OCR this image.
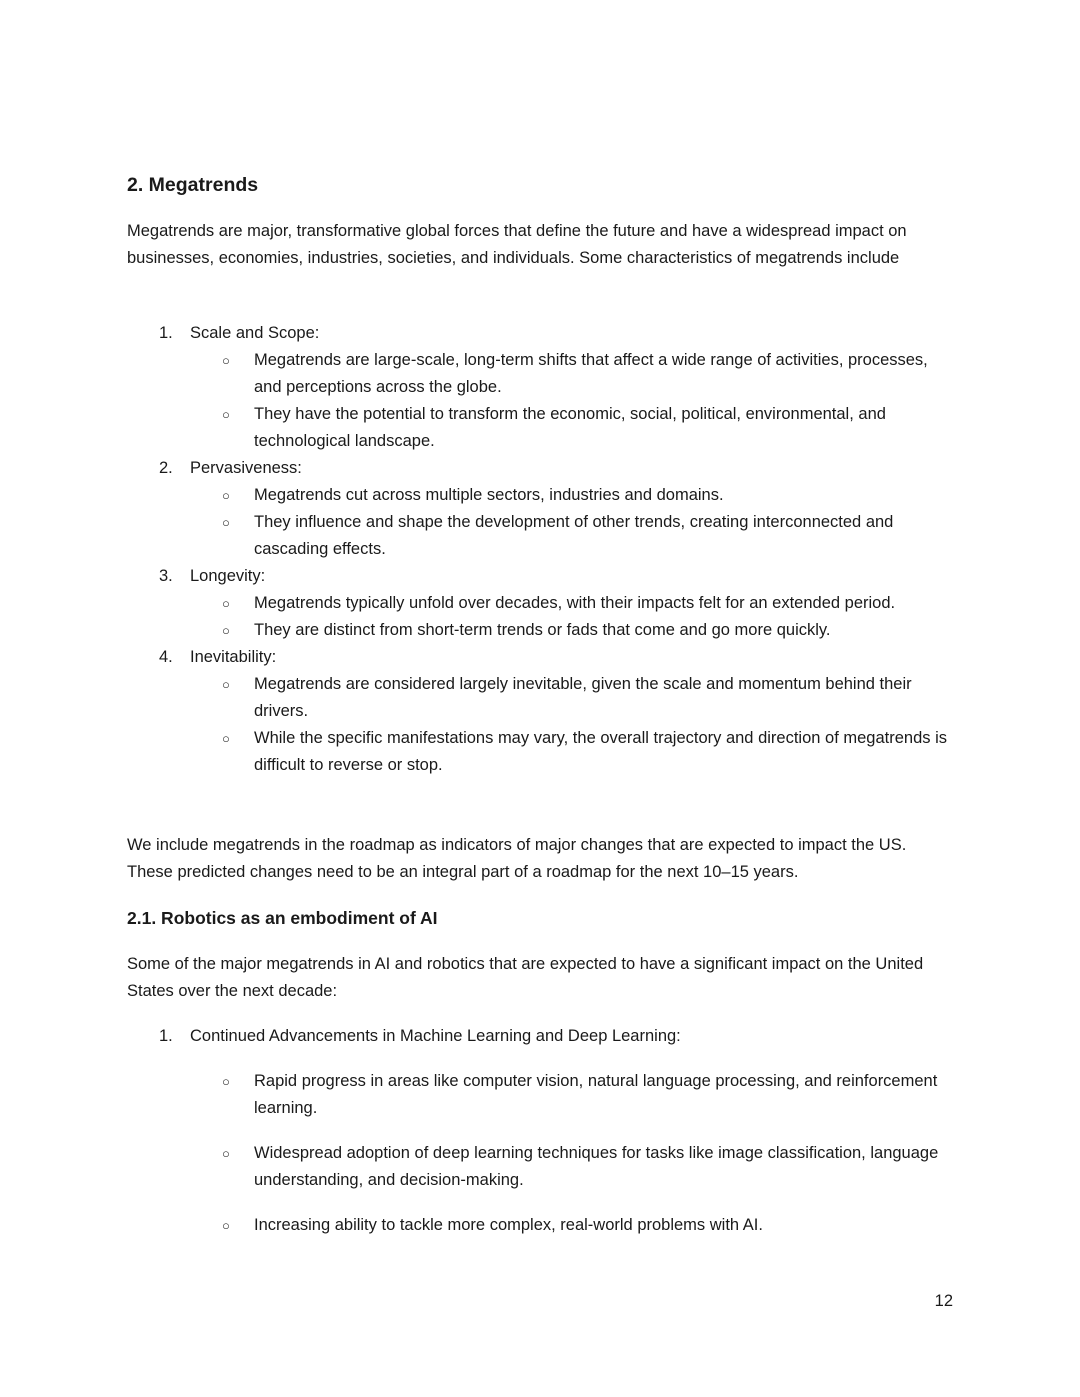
2. Megatrends

Megatrends are major, transformative global forces that define the future and have a widespread impact on businesses, economies, industries, societies, and individuals. Some characteristics of megatrends include

1.	Scale and Scope:
○	Megatrends are large-scale, long-term shifts that affect a wide range of activities, processes, and perceptions across the globe.
○	They have the potential to transform the economic, social, political, environmental, and technological landscape.
2.	Pervasiveness:
○	Megatrends cut across multiple sectors, industries and domains.
○	They influence and shape the development of other trends, creating interconnected and cascading effects.
3.	Longevity:
○	Megatrends typically unfold over decades, with their impacts felt for an extended period.
○	They are distinct from short-term trends or fads that come and go more quickly.
4.	Inevitability:
○	Megatrends are considered largely inevitable, given the scale and momentum behind their drivers.
○	While the specific manifestations may vary, the overall trajectory and direction of megatrends is difficult to reverse or stop.

We include megatrends in the roadmap as indicators of major changes that are expected to impact the US. These predicted changes need to be an integral part of a roadmap for the next 10–15 years.

2.1. Robotics as an embodiment of AI

Some of the major megatrends in AI and robotics that are expected to have a significant impact on the United States over the next decade:

1.	Continued Advancements in Machine Learning and Deep Learning:
○	Rapid progress in areas like computer vision, natural language processing, and reinforcement learning.
○	Widespread adoption of deep learning techniques for tasks like image classification, language understanding, and decision-making.
○	Increasing ability to tackle more complex, real-world problems with AI.
12
